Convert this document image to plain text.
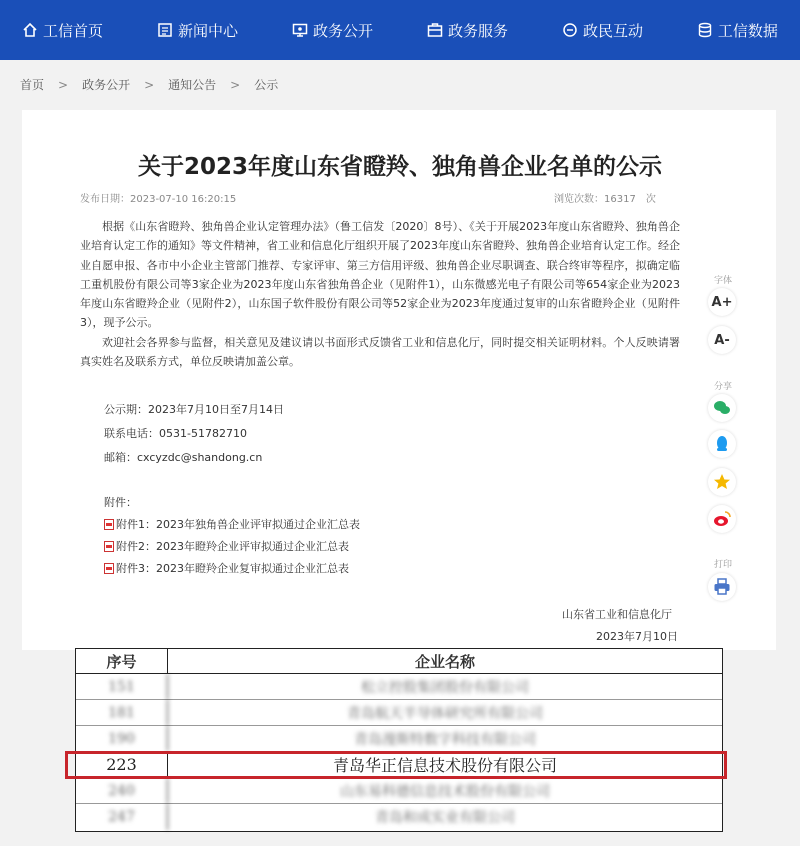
工信首页	新闻中心	政务公开	政务服务	政民互动	工信数据
首页 > 政务公开 > 通知公告 > 公示
关于2023年度山东省瞪羚、独角兽企业名单的公示
发布日期：2023-07-10 16:20:15	浏览次数：16317 次

根据《山东省瞪羚、独角兽企业认定管理办法》（鲁工信发〔2020〕8号）、《关于开展2023年度山东省瞪羚、独角兽企业培育认定工作的通知》等文件精神，省工业和信息化厅组织开展了2023年度山东省瞪羚、独角兽企业培育认定工作。经企业自愿申报、各市中小企业主管部门推荐、专家评审、第三方信用评级、独角兽企业尽职调查、联合终审等程序，拟确定临工重机股份有限公司等3家企业为2023年度山东省独角兽企业（见附件1），山东微感光电子有限公司等654家企业为2023年度山东省瞪羚企业（见附件2），山东国子软件股份有限公司等52家企业为2023年度通过复审的山东省瞪羚企业（见附件3），现予公示。

欢迎社会各界参与监督，相关意见及建议请以书面形式反馈省工业和信息化厅，同时提交相关证明材料。个人反映请署真实姓名及联系方式，单位反映请加盖公章。

公示期：2023年7月10日至7月14日
联系电话：0531-51782710
邮箱：cxcyzdc@shandong.cn
附件：
附件1：2023年独角兽企业评审拟通过企业汇总表
附件2：2023年瞪羚企业评审拟通过企业汇总表
附件3：2023年瞪羚企业复审拟通过企业汇总表
山东省工业和信息化厅
2023年7月10日
字体
A+
A-
分享
打印
序号	企业名称
151	松立控股集团股份有限公司
181	青岛航天半导体研究所有限公司
190	青岛漫斯特数字科技有限公司
223	青岛华正信息技术股份有限公司
240	山东易科德信息技术股份有限公司
247	青岛和成实业有限公司
